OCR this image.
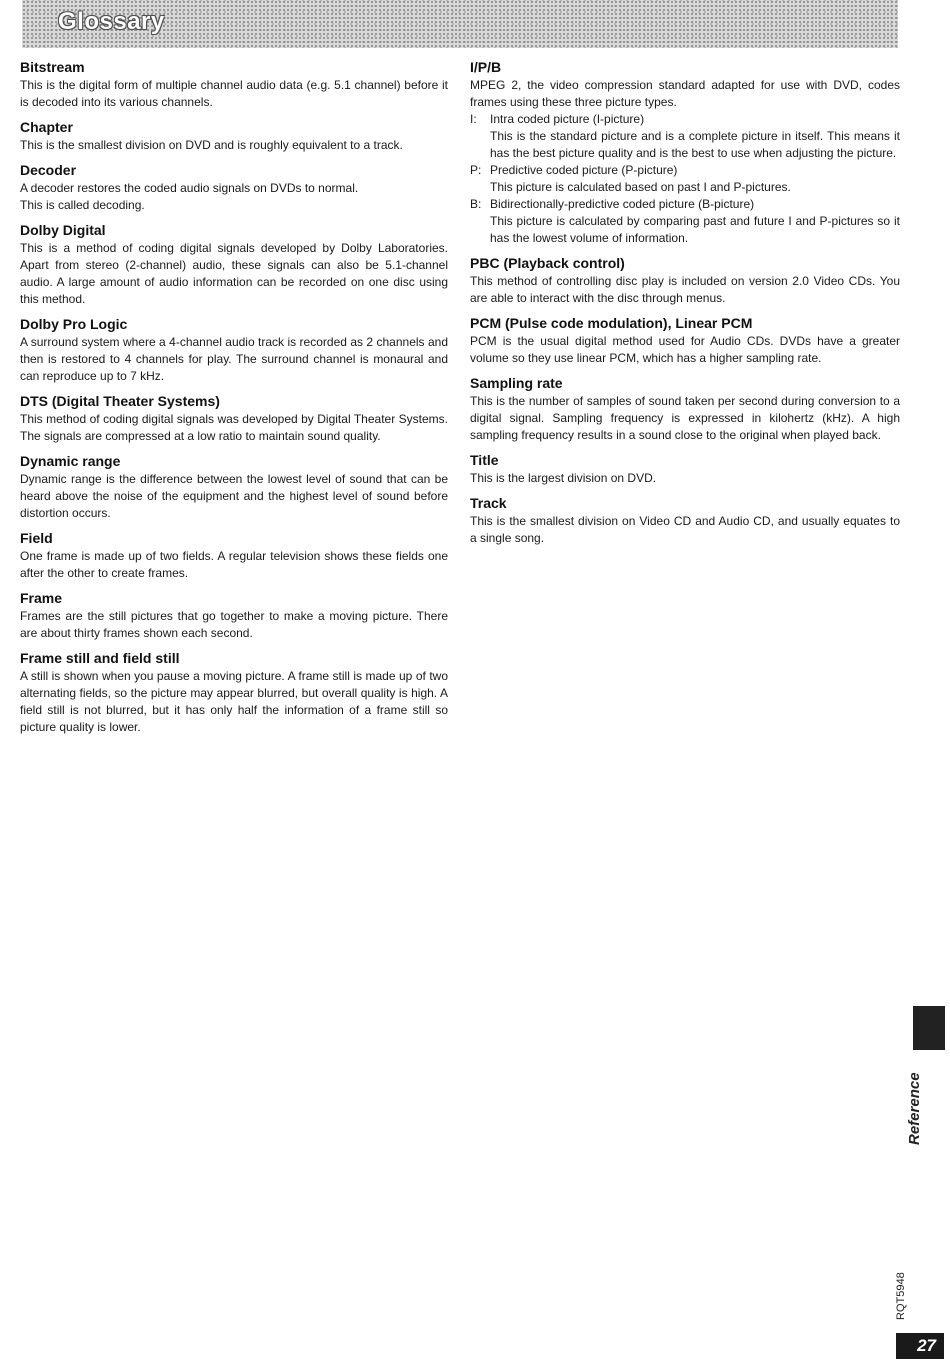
Glossary
Bitstream

This is the digital form of multiple channel audio data (e.g. 5.1 channel) before it is decoded into its various channels.

Chapter

This is the smallest division on DVD and is roughly equivalent to a track.

Decoder

A decoder restores the coded audio signals on DVDs to normal.

This is called decoding.

Dolby Digital

This is a method of coding digital signals developed by Dolby Laboratories. Apart from stereo (2-channel) audio, these signals can also be 5.1-channel audio. A large amount of audio information can be recorded on one disc using this method.

Dolby Pro Logic

A surround system where a 4-channel audio track is recorded as 2 channels and then is restored to 4 channels for play. The surround channel is monaural and can reproduce up to 7 kHz.

DTS (Digital Theater Systems)

This method of coding digital signals was developed by Digital Theater Systems. The signals are compressed at a low ratio to maintain sound quality.

Dynamic range

Dynamic range is the difference between the lowest level of sound that can be heard above the noise of the equipment and the highest level of sound before distortion occurs.

Field

One frame is made up of two fields. A regular television shows these fields one after the other to create frames.

Frame

Frames are the still pictures that go together to make a moving picture. There are about thirty frames shown each second.

Frame still and field still

A still is shown when you pause a moving picture. A frame still is made up of two alternating fields, so the picture may appear blurred, but overall quality is high. A field still is not blurred, but it has only half the information of a frame still so picture quality is lower.

I/P/B

MPEG 2, the video compression standard adapted for use with DVD, codes frames using these three picture types.

I:	Intra coded picture (I-picture)
This is the standard picture and is a complete picture in itself. This means it has the best picture quality and is the best to use when adjusting the picture.
P: Predictive coded picture (P-picture)
This picture is calculated based on past I and P-pictures.
B: Bidirectionally-predictive coded picture (B-picture)
This picture is calculated by comparing past and future I and P-pictures so it has the lowest volume of information.
PBC (Playback control)

This method of controlling disc play is included on version 2.0 Video CDs. You are able to interact with the disc through menus.

PCM (Pulse code modulation), Linear PCM

PCM is the usual digital method used for Audio CDs. DVDs have a greater volume so they use linear PCM, which has a higher sampling rate.

Sampling rate

This is the number of samples of sound taken per second during conversion to a digital signal. Sampling frequency is expressed in kilohertz (kHz). A high sampling frequency results in a sound close to the original when played back.

Title

This is the largest division on DVD.

Track

This is the smallest division on Video CD and Audio CD, and usually equates to a single song.

Reference
RQT5948
27
